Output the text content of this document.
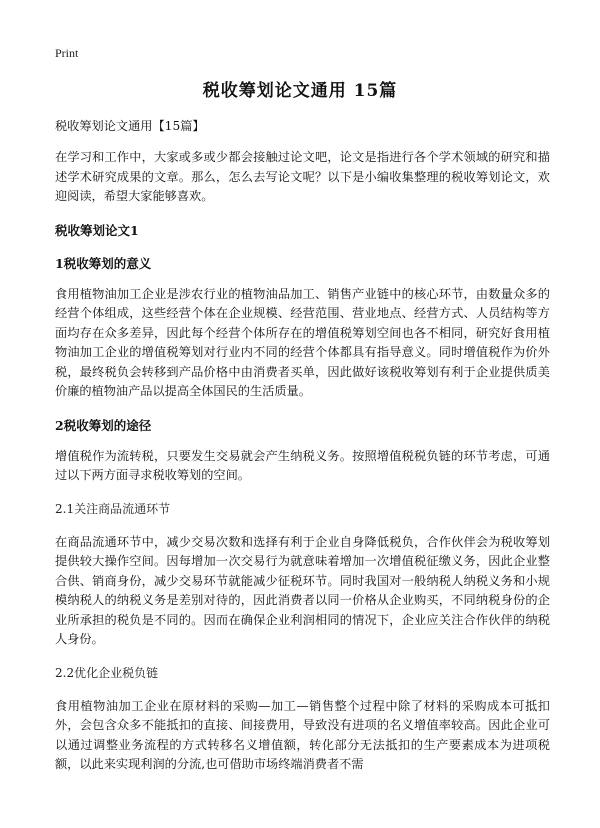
Print
税收筹划论文通用 15篇

税收筹划论文通用【15篇】

在学习和工作中，大家或多或少都会接触过论文吧，论文是指进行各个学术领域的研究和描述学术研究成果的文章。那么，怎么去写论文呢？以下是小编收集整理的税收筹划论文，欢迎阅读，希望大家能够喜欢。

税收筹划论文1

1税收筹划的意义

食用植物油加工企业是涉农行业的植物油品加工、销售产业链中的核心环节，由数量众多的经营个体组成，这些经营个体在企业规模、经营范围、营业地点、经营方式、人员结构等方面均存在众多差异，因此每个经营个体所存在的增值税筹划空间也各不相同，研究好食用植物油加工企业的增值税筹划对行业内不同的经营个体都具有指导意义。同时增值税作为价外税，最终税负会转移到产品价格中由消费者买单，因此做好该税收筹划有利于企业提供质美价廉的植物油产品以提高全体国民的生活质量。

2税收筹划的途径

增值税作为流转税，只要发生交易就会产生纳税义务。按照增值税税负链的环节考虑，可通过以下两方面寻求税收筹划的空间。

2.1关注商品流通环节

在商品流通环节中，减少交易次数和选择有利于企业自身降低税负，合作伙伴会为税收筹划提供较大操作空间。因每增加一次交易行为就意味着增加一次增值税征缴义务，因此企业整合供、销商身份，减少交易环节就能减少征税环节。同时我国对一般纳税人纳税义务和小规模纳税人的纳税义务是差别对待的，因此消费者以同一价格从企业购买，不同纳税身份的企业所承担的税负是不同的。因而在确保企业利润相同的情况下，企业应关注合作伙伴的纳税人身份。

2.2优化企业税负链

食用植物油加工企业在原材料的采购—加工—销售整个过程中除了材料的采购成本可抵扣外，会包含众多不能抵扣的直接、间接费用，导致没有进项的名义增值率较高。因此企业可以通过调整业务流程的方式转移名义增值额，转化部分无法抵扣的生产要素成本为进项税额，以此来实现利润的分流,也可借助市场终端消费者不需
